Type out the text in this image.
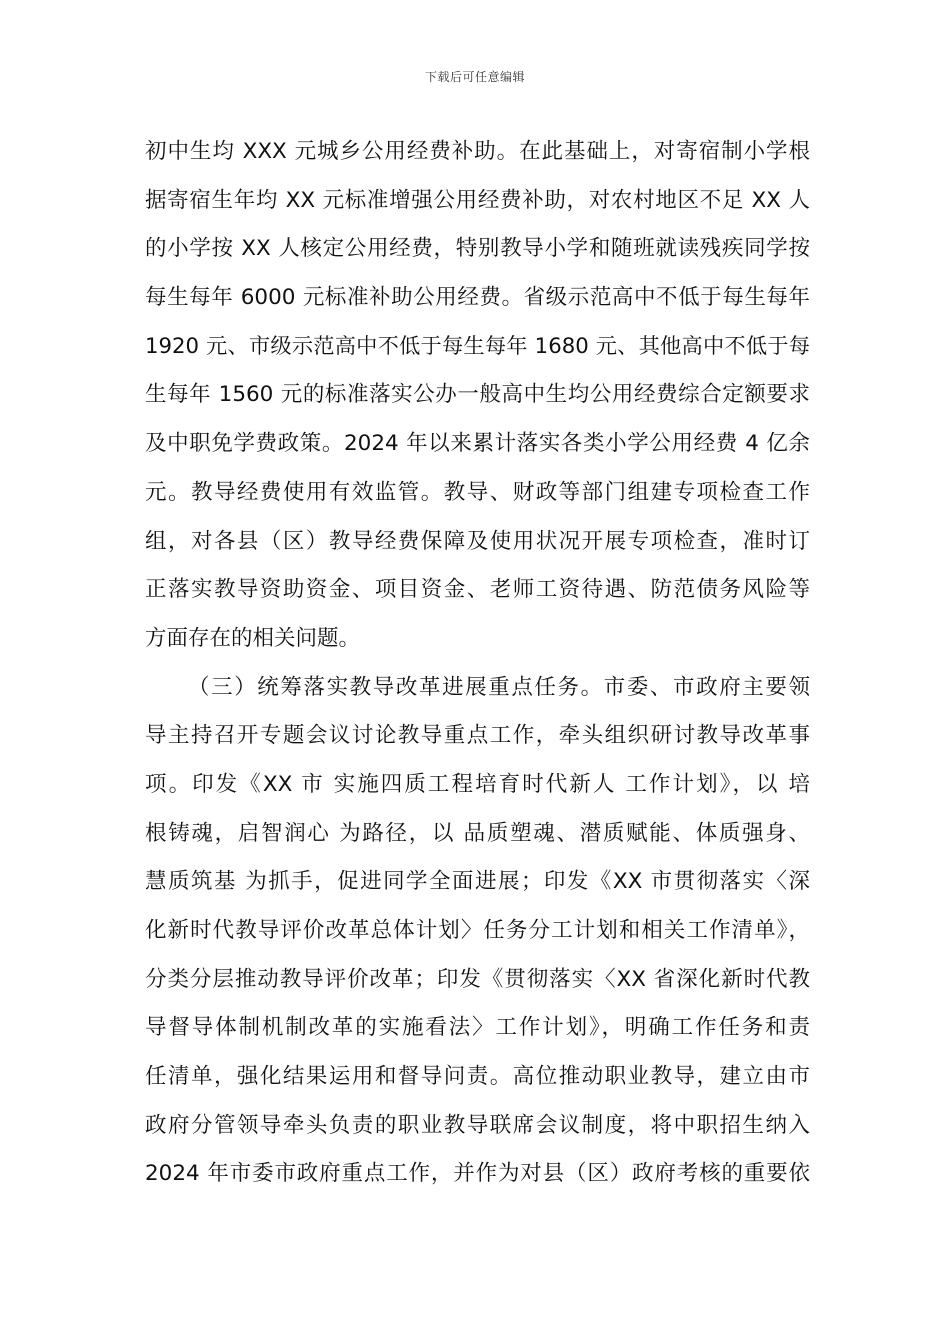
下载后可任意编辑
初中生均 XXX 元城乡公用经费补助。在此基础上，对寄宿制小学根
据寄宿生年均 XX 元标准增强公用经费补助，对农村地区不足 XX 人
的小学按 XX 人核定公用经费，特别教导小学和随班就读残疾同学按
每生每年 6000 元标准补助公用经费。省级示范高中不低于每生每年
1920 元、市级示范高中不低于每生每年 1680 元、其他高中不低于每
生每年 1560 元的标准落实公办一般高中生均公用经费综合定额要求
及中职免学费政策。2024 年以来累计落实各类小学公用经费 4 亿余
元。教导经费使用有效监管。教导、财政等部门组建专项检查工作
组，对各县（区）教导经费保障及使用状况开展专项检查，准时订
正落实教导资助资金、项目资金、老师工资待遇、防范债务风险等
方面存在的相关问题。
（三）统筹落实教导改革进展重点任务。市委、市政府主要领
导主持召开专题会议讨论教导重点工作，牵头组织研讨教导改革事
项。印发《XX 市 实施四质工程培育时代新人 工作计划》，以 培
根铸魂，启智润心 为路径，以 品质塑魂、潜质赋能、体质强身、
慧质筑基 为抓手，促进同学全面进展；印发《XX 市贯彻落实〈深
化新时代教导评价改革总体计划〉任务分工计划和相关工作清单》，
分类分层推动教导评价改革；印发《贯彻落实〈XX 省深化新时代教
导督导体制机制改革的实施看法〉工作计划》，明确工作任务和责
任清单，强化结果运用和督导问责。高位推动职业教导，建立由市
政府分管领导牵头负责的职业教导联席会议制度，将中职招生纳入
2024 年市委市政府重点工作，并作为对县（区）政府考核的重要依
